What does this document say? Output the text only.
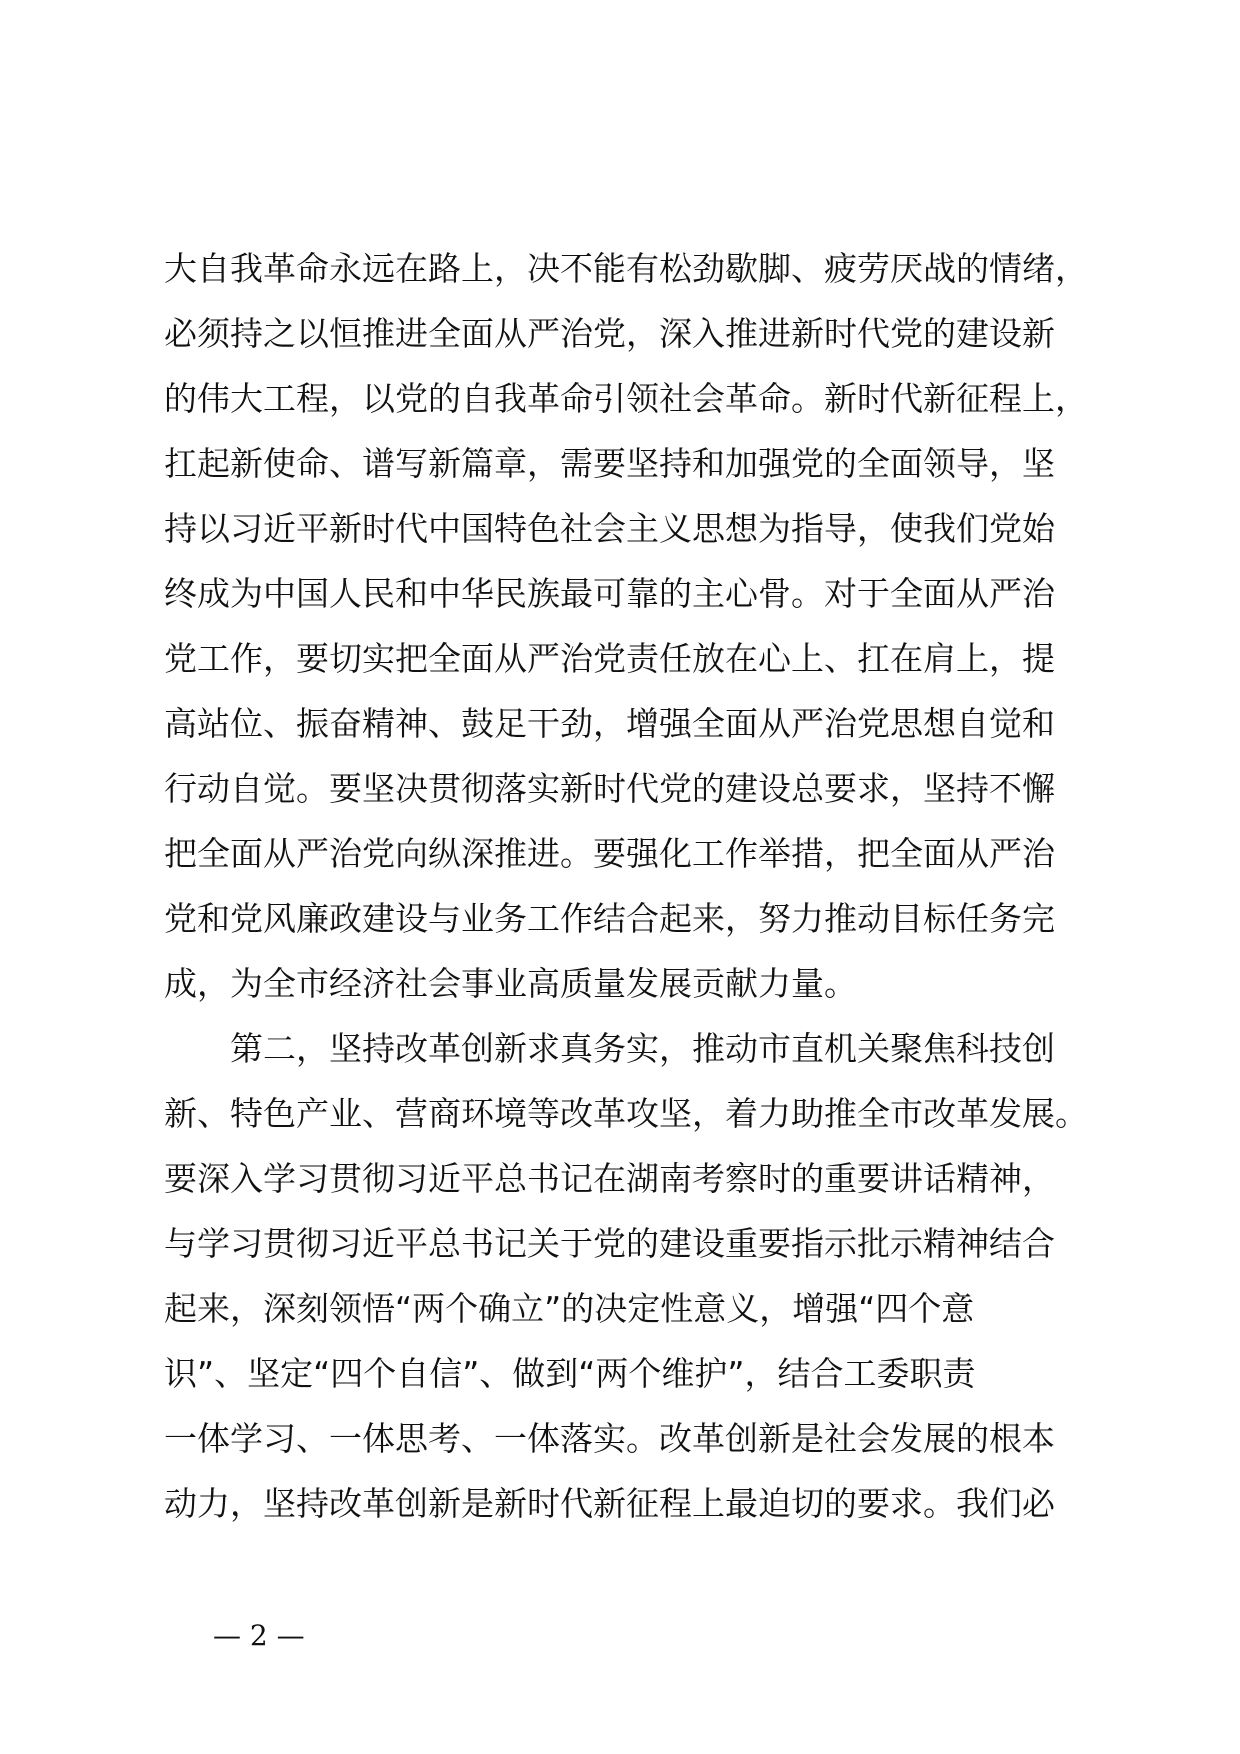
大自我革命永远在路上，决不能有松劲歇脚、疲劳厌战的情绪，
必须持之以恒推进全面从严治党，深入推进新时代党的建设新
的伟大工程，以党的自我革命引领社会革命。新时代新征程上，
扛起新使命、谱写新篇章，需要坚持和加强党的全面领导，坚
持以习近平新时代中国特色社会主义思想为指导，使我们党始
终成为中国人民和中华民族最可靠的主心骨。对于全面从严治
党工作，要切实把全面从严治党责任放在心上、扛在肩上，提
高站位、振奋精神、鼓足干劲，增强全面从严治党思想自觉和
行动自觉。要坚决贯彻落实新时代党的建设总要求，坚持不懈
把全面从严治党向纵深推进。要强化工作举措，把全面从严治
党和党风廉政建设与业务工作结合起来，努力推动目标任务完
成，为全市经济社会事业高质量发展贡献力量。
　　第二，坚持改革创新求真务实，推动市直机关聚焦科技创
新、特色产业、营商环境等改革攻坚，着力助推全市改革发展。
要深入学习贯彻习近平总书记在湖南考察时的重要讲话精神，
与学习贯彻习近平总书记关于党的建设重要指示批示精神结合
起来，深刻领悟“两个确立”的决定性意义，增强“四个意
识”、坚定“四个自信”、做到“两个维护”，结合工委职责
一体学习、一体思考、一体落实。改革创新是社会发展的根本
动力，坚持改革创新是新时代新征程上最迫切的要求。我们必
— 2 —
